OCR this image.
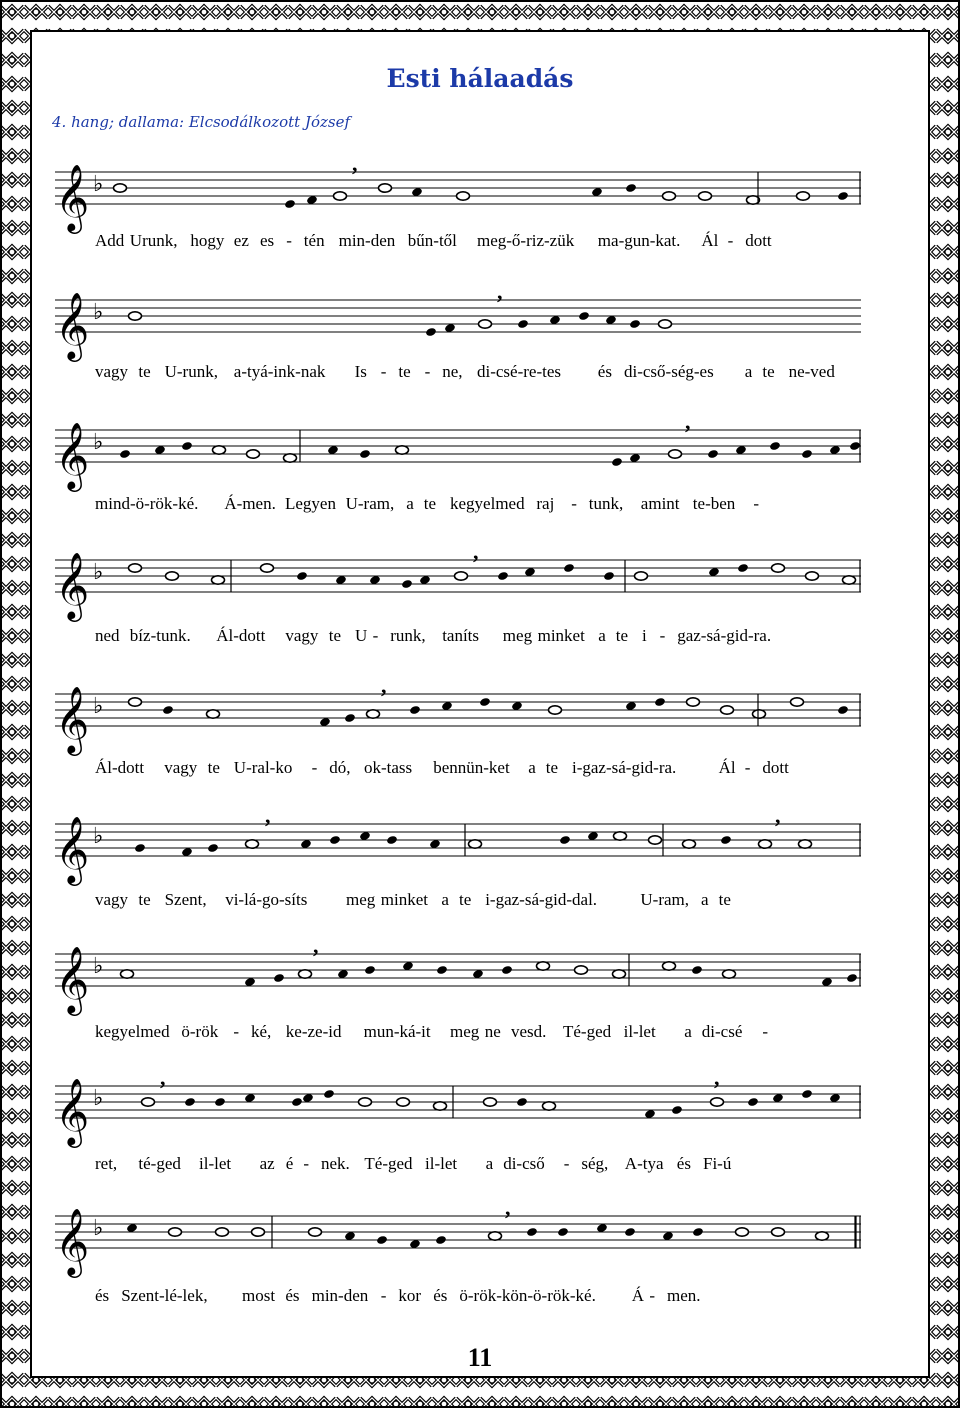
Esti hálaadás
4. hang; dallama: Elcsodálkozott József
𝄞 ♭
,
Add Urunk, hogy ez es - tén min-den bűn-től meg-ő-riz-zük ma-gun-kat. Ál - dott
𝄞 ♭
,
vagy te U-runk, a-tyá-ink-nak Is - te - ne, di-csé-re-tes és di-cső-ség-es a te ne-ved
𝄞 ♭
,
mind-ö-rök-ké. Á-men. Legyen U-ram, a te kegyelmed raj - tunk, amint te-ben -
𝄞 ♭
,
ned bíz-tunk. Ál-dott vagy te U - runk, taníts meg minket a te i - gaz-sá-gid-ra.
𝄞 ♭
,
Ál-dott vagy te U-ral-ko - dó, ok-tass bennün-ket a te i-gaz-sá-gid-ra. Ál - dott
𝄞 ♭
,	,
vagy te Szent, vi-lá-go-síts meg minket a te i-gaz-sá-gid-dal.	U-ram, a te
𝄞 ♭
,
kegyelmed ö-rök - ké, ke-ze-id mun-ká-it meg ne vesd. Té-ged il-let a di-csé -
𝄞 ♭
,	,
ret, té-ged il-let az é - nek. Té-ged il-let a di-cső - ség, A-tya és Fi-ú
𝄞 ♭
,
és Szent-lé-lek, most és min-den - kor és ö-rök-kön-ö-rök-ké. Á - men.
11
